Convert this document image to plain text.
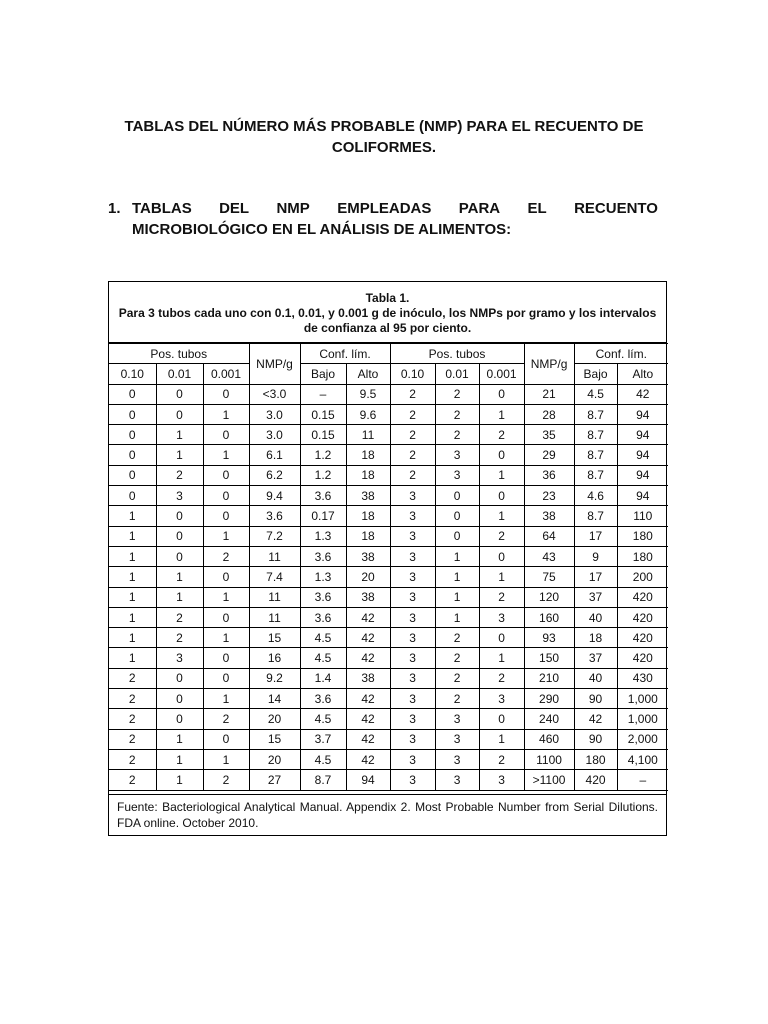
TABLAS DEL NÚMERO MÁS PROBABLE (NMP) PARA EL RECUENTO DE
COLIFORMES.
1. TABLAS DEL NMP EMPLEADAS PARA EL RECUENTO
MICROBIOLÓGICO EN EL ANÁLISIS DE ALIMENTOS:
Tabla 1.
Para 3 tubos cada uno con 0.1, 0.01, y 0.001 g de inóculo, los NMPs por gramo y los intervalos de confianza al 95 por ciento.
Pos. tubos			NMP/g	Conf. lím.		Pos. tubos			NMP/g	Conf. lím.	
0.10	0.01	0.001		Bajo	Alto	0.10	0.01	0.001		Bajo	Alto
0	0	0	<3.0	–	9.5	2	2	0	21	4.5	42
0	0	1	3.0	0.15	9.6	2	2	1	28	8.7	94
0	1	0	3.0	0.15	11	2	2	2	35	8.7	94
0	1	1	6.1	1.2	18	2	3	0	29	8.7	94
0	2	0	6.2	1.2	18	2	3	1	36	8.7	94
0	3	0	9.4	3.6	38	3	0	0	23	4.6	94
1	0	0	3.6	0.17	18	3	0	1	38	8.7	110
1	0	1	7.2	1.3	18	3	0	2	64	17	180
1	0	2	11	3.6	38	3	1	0	43	9	180
1	1	0	7.4	1.3	20	3	1	1	75	17	200
1	1	1	11	3.6	38	3	1	2	120	37	420
1	2	0	11	3.6	42	3	1	3	160	40	420
1	2	1	15	4.5	42	3	2	0	93	18	420
1	3	0	16	4.5	42	3	2	1	150	37	420
2	0	0	9.2	1.4	38	3	2	2	210	40	430
2	0	1	14	3.6	42	3	2	3	290	90	1,000
2	0	2	20	4.5	42	3	3	0	240	42	1,000
2	1	0	15	3.7	42	3	3	1	460	90	2,000
2	1	1	20	4.5	42	3	3	2	1100	180	4,100
2	1	2	27	8.7	94	3	3	3	>1100	420	–
Fuente: Bacteriological Analytical Manual. Appendix 2. Most Probable Number from Serial Dilutions. FDA online. October 2010.
